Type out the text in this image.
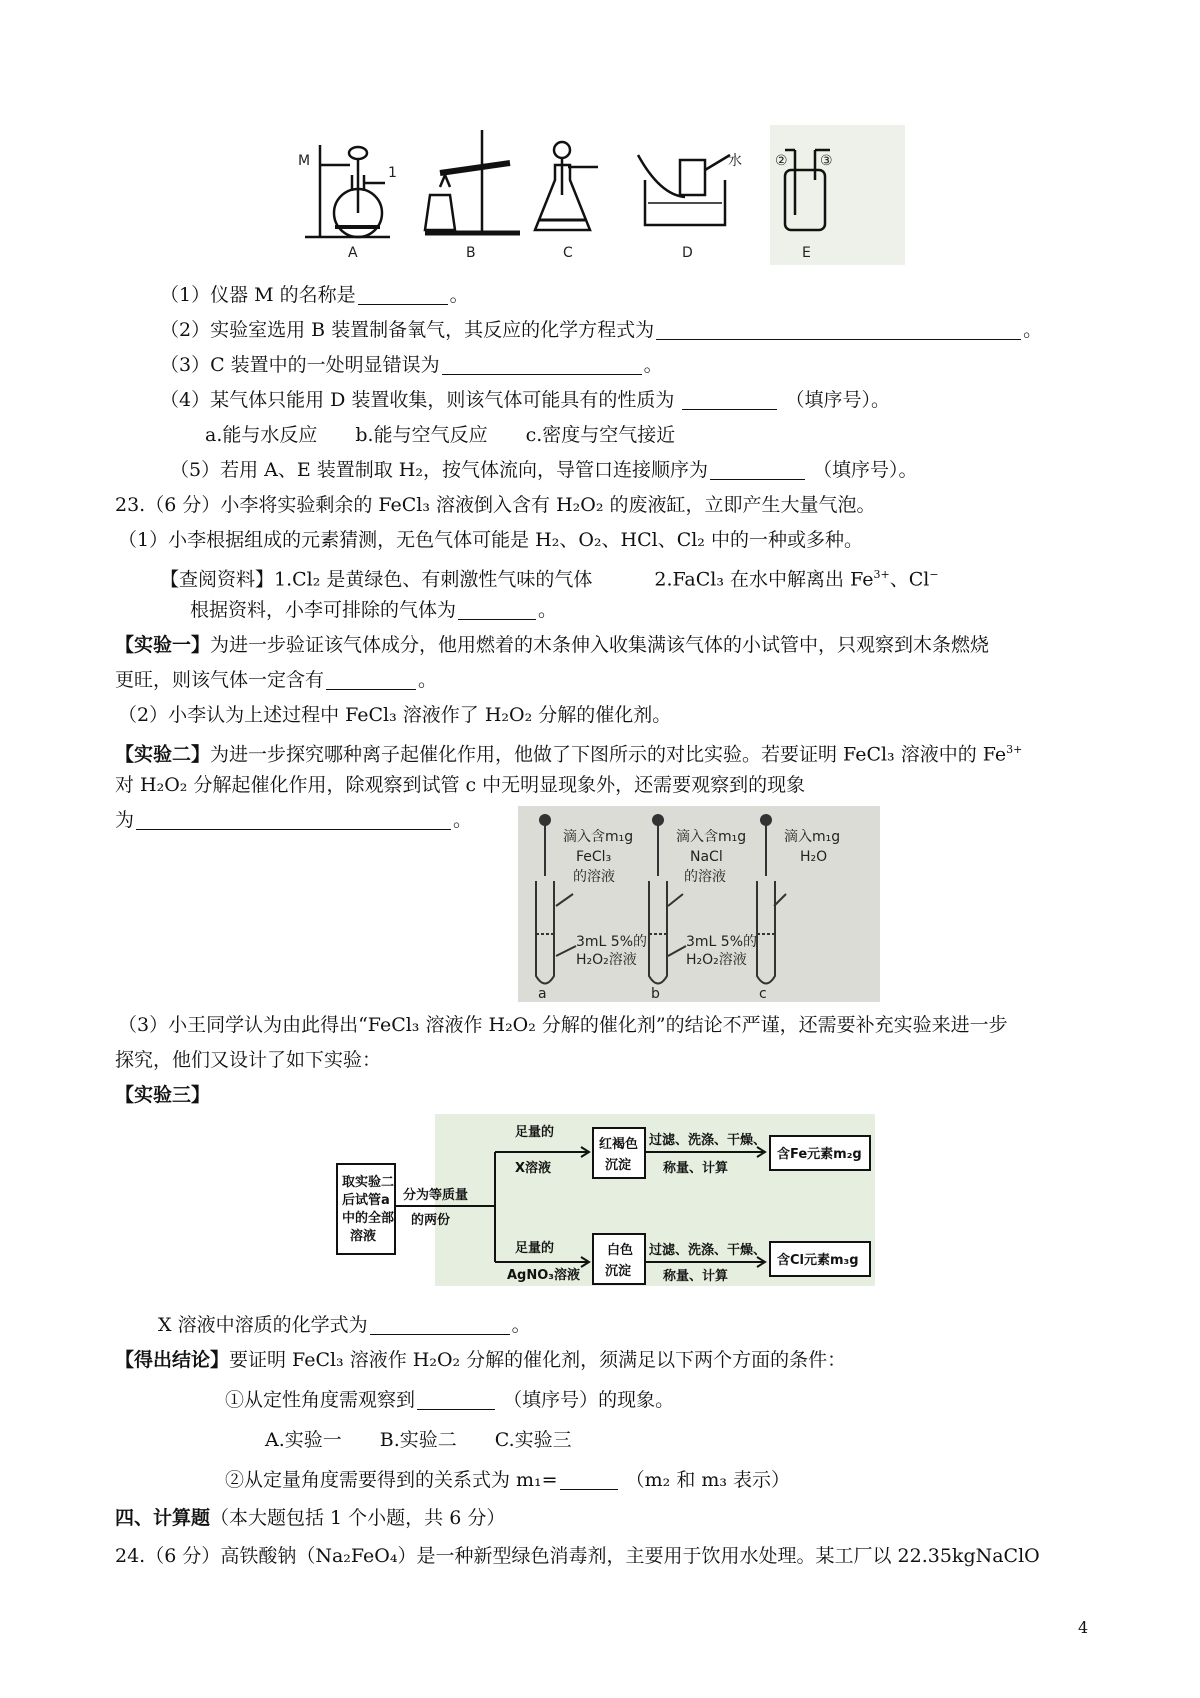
M
1
水 ② ③
A	B	C	D	E
（1）仪器 M 的名称是	。
（2）实验室选用 B 装置制备氧气，其反应的化学方程式为	。
（3）C 装置中的一处明显错误为	。
（4）某气体只能用 D 装置收集，则该气体可能具有的性质为	（填序号）。
a.能与水反应　　b.能与空气反应　　c.密度与空气接近
（5）若用 A、E 装置制取 H₂，按气体流向，导管口连接顺序为	（填序号）。
23.（6 分）小李将实验剩余的 FeCl₃ 溶液倒入含有 H₂O₂ 的废液缸，立即产生大量气泡。
（1）小李根据组成的元素猜测，无色气体可能是 H₂、O₂、HCl、Cl₂ 中的一种或多种。
【查阅资料】1.Cl₂ 是黄绿色、有刺激性气味的气体	2.FaCl₃ 在水中解离出 $Fe^{3+}$、Cl−
根据资料，小李可排除的气体为	。
【实验一】为进一步验证该气体成分，他用燃着的木条伸入收集满该气体的小试管中，只观察到木条燃烧
更旺，则该气体一定含有	。
（2）小李认为上述过程中 FeCl₃ 溶液作了 H₂O₂ 分解的催化剂。
【实验二】为进一步探究哪种离子起催化作用，他做了下图所示的对比实验。若要证明 FeCl₃ 溶液中的 $Fe^{3+}$
对 H₂O₂ 分解起催化作用，除观察到试管 c 中无明显现象外，还需要观察到的现象
为	。
滴入含m₁g
FeCl₃
的溶液
3mL 5%的
H₂O₂溶液
滴入含m₁g
NaCl
的溶液
3mL 5%的
H₂O₂溶液
滴入m₁g
H₂O
a	b	c
（3）小王同学认为由此得出“FeCl₃ 溶液作 H₂O₂ 分解的催化剂”的结论不严谨，还需要补充实验来进一步
探究，他们又设计了如下实验：
【实验三】
取实验二
后试管a
中的全部
溶液
分为等质量
的两份
足量的
X溶液
红褐色
沉淀
过滤、洗涤、干燥、
称量、计算
含Fe元素m₂g
足量的
AgNO₃溶液
白色
沉淀
过滤、洗涤、干燥、
称量、计算
含Cl元素m₃g
X 溶液中溶质的化学式为	。
【得出结论】要证明 FeCl₃ 溶液作 H₂O₂ 分解的催化剂，须满足以下两个方面的条件：
①从定性角度需观察到	（填序号）的现象。
A.实验一　　B.实验二　　C.实验三
②从定量角度需要得到的关系式为 m₁=	（m₂ 和 m₃ 表示）
四、计算题（本大题包括 1 个小题，共 6 分）
24.（6 分）高铁酸钠（Na₂FeO₄）是一种新型绿色消毒剂，主要用于饮用水处理。某工厂以 22.35kgNaClO
4
